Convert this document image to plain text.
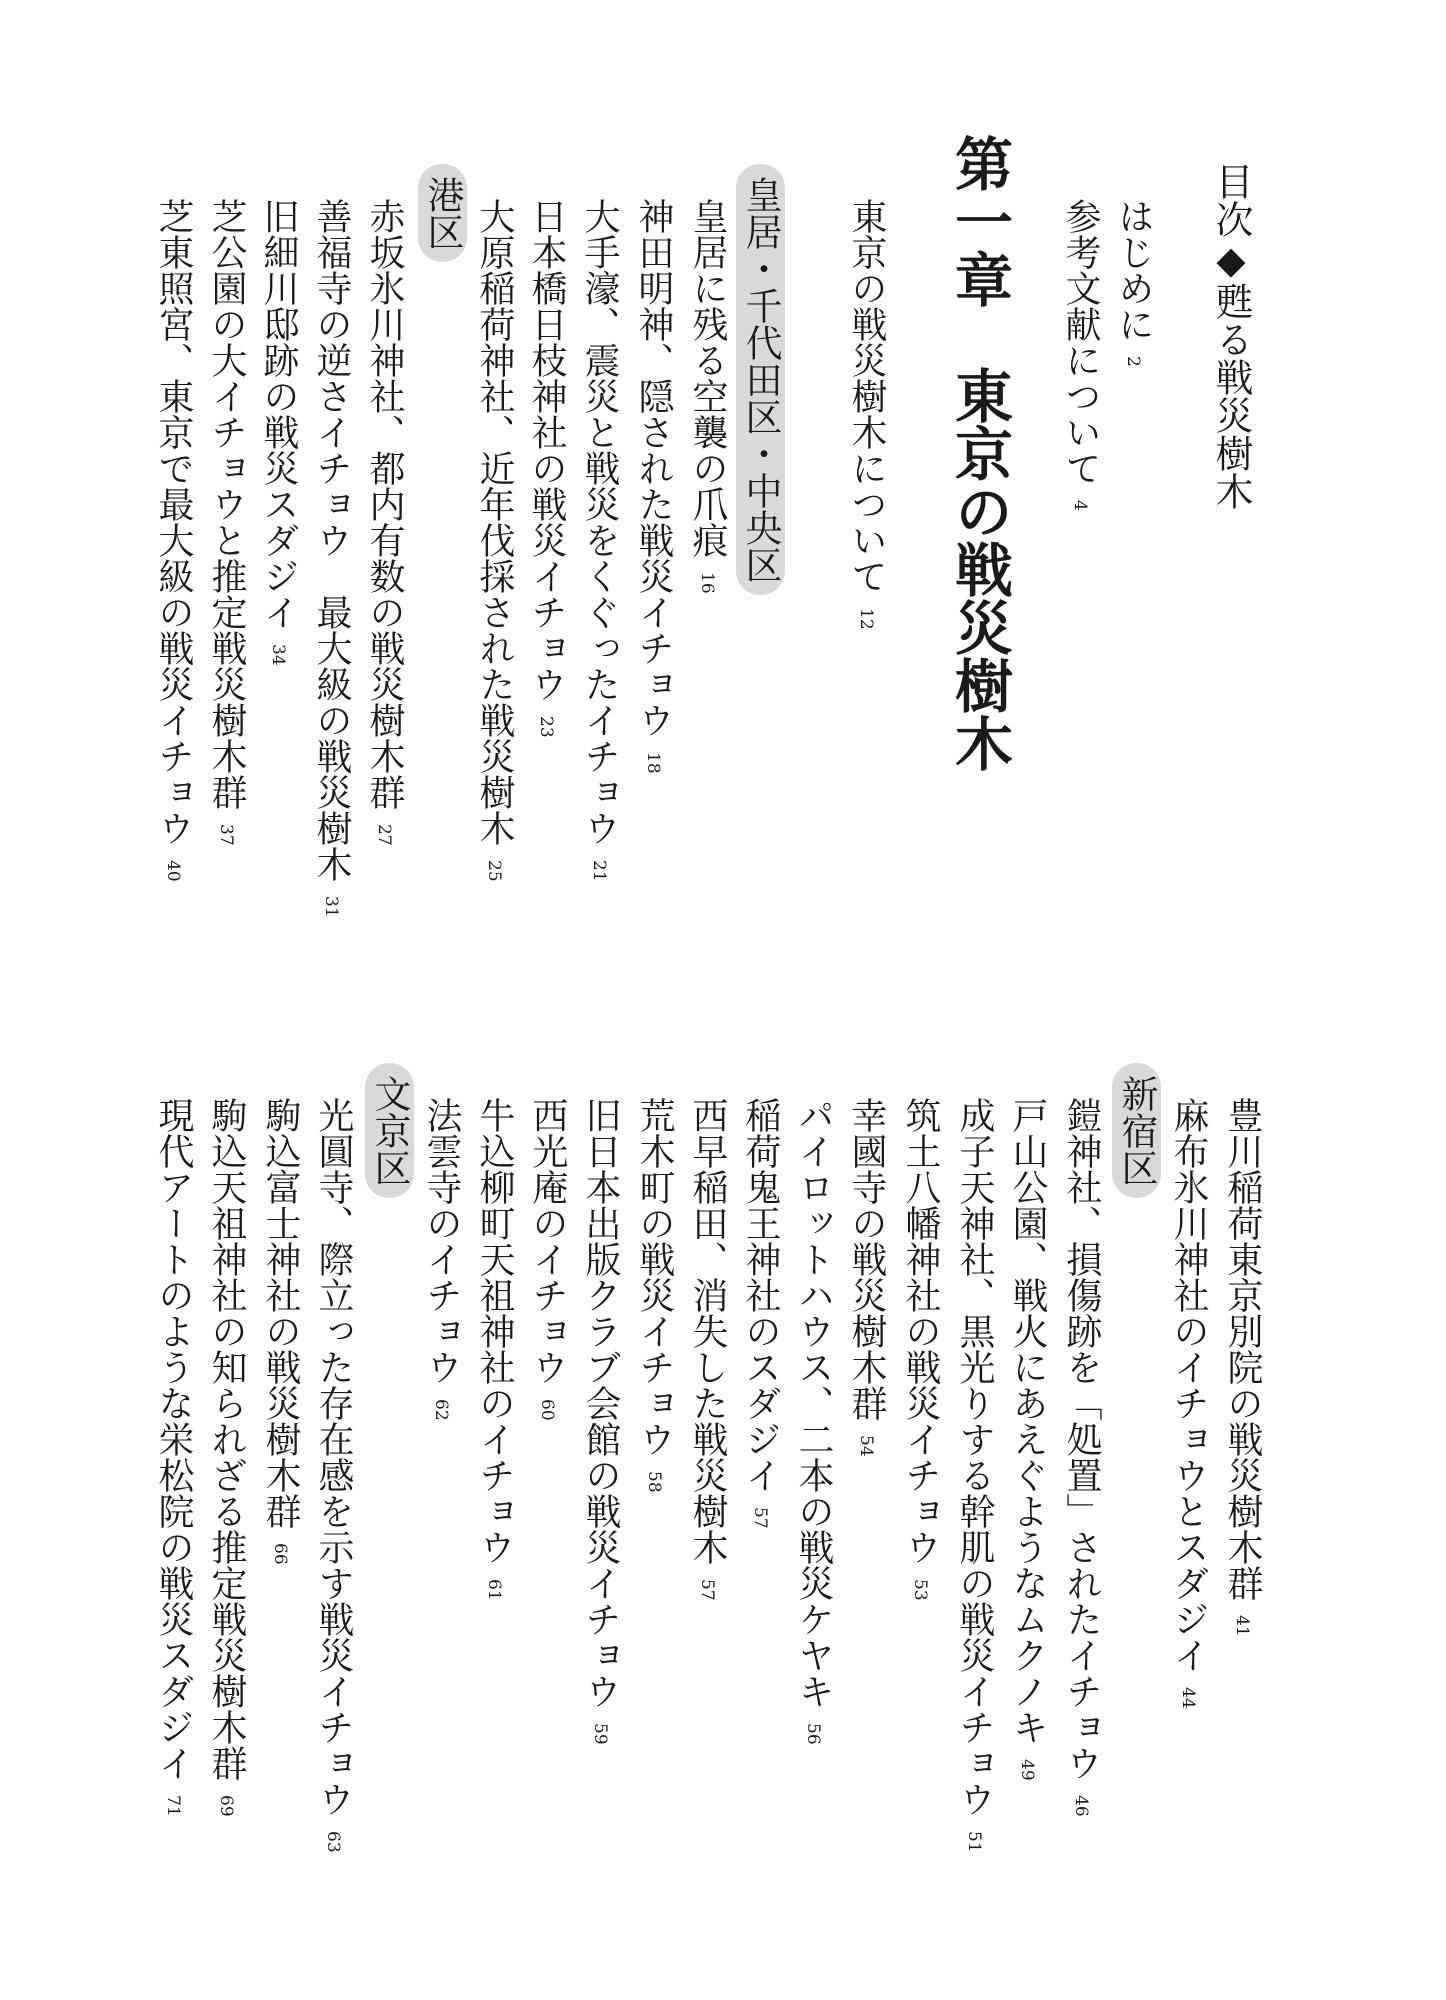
目次◆甦る戦災樹木
はじめに2
参考文献について4
第一章　東京の戦災樹木
東京の戦災樹木について12
皇居・千代田区・中央区
皇居に残る空襲の爪痕16
神田明神、隠された戦災イチョウ18
大手濠、震災と戦災をくぐったイチョウ21
日本橋日枝神社の戦災イチョウ23
大原稲荷神社、近年伐採された戦災樹木25
港区
赤坂氷川神社、都内有数の戦災樹木群27
善福寺の逆さイチョウ　最大級の戦災樹木31
旧細川邸跡の戦災スダジイ34
芝公園の大イチョウと推定戦災樹木群37
芝東照宮、東京で最大級の戦災イチョウ40
豊川稲荷東京別院の戦災樹木群41
麻布氷川神社のイチョウとスダジイ44
新宿区
鎧神社、損傷跡を「処置」されたイチョウ46
戸山公園、戦火にあえぐようなムクノキ49
成子天神社、黒光りする幹肌の戦災イチョウ51
筑土八幡神社の戦災イチョウ53
幸國寺の戦災樹木群54
パイロットハウス、二本の戦災ケヤキ56
稲荷鬼王神社のスダジイ57
西早稲田、消失した戦災樹木57
荒木町の戦災イチョウ58
旧日本出版クラブ会館の戦災イチョウ59
西光庵のイチョウ60
牛込柳町天祖神社のイチョウ61
法雲寺のイチョウ62
文京区
光圓寺、際立った存在感を示す戦災イチョウ63
駒込富士神社の戦災樹木群66
駒込天祖神社の知られざる推定戦災樹木群69
現代アートのような栄松院の戦災スダジイ71
